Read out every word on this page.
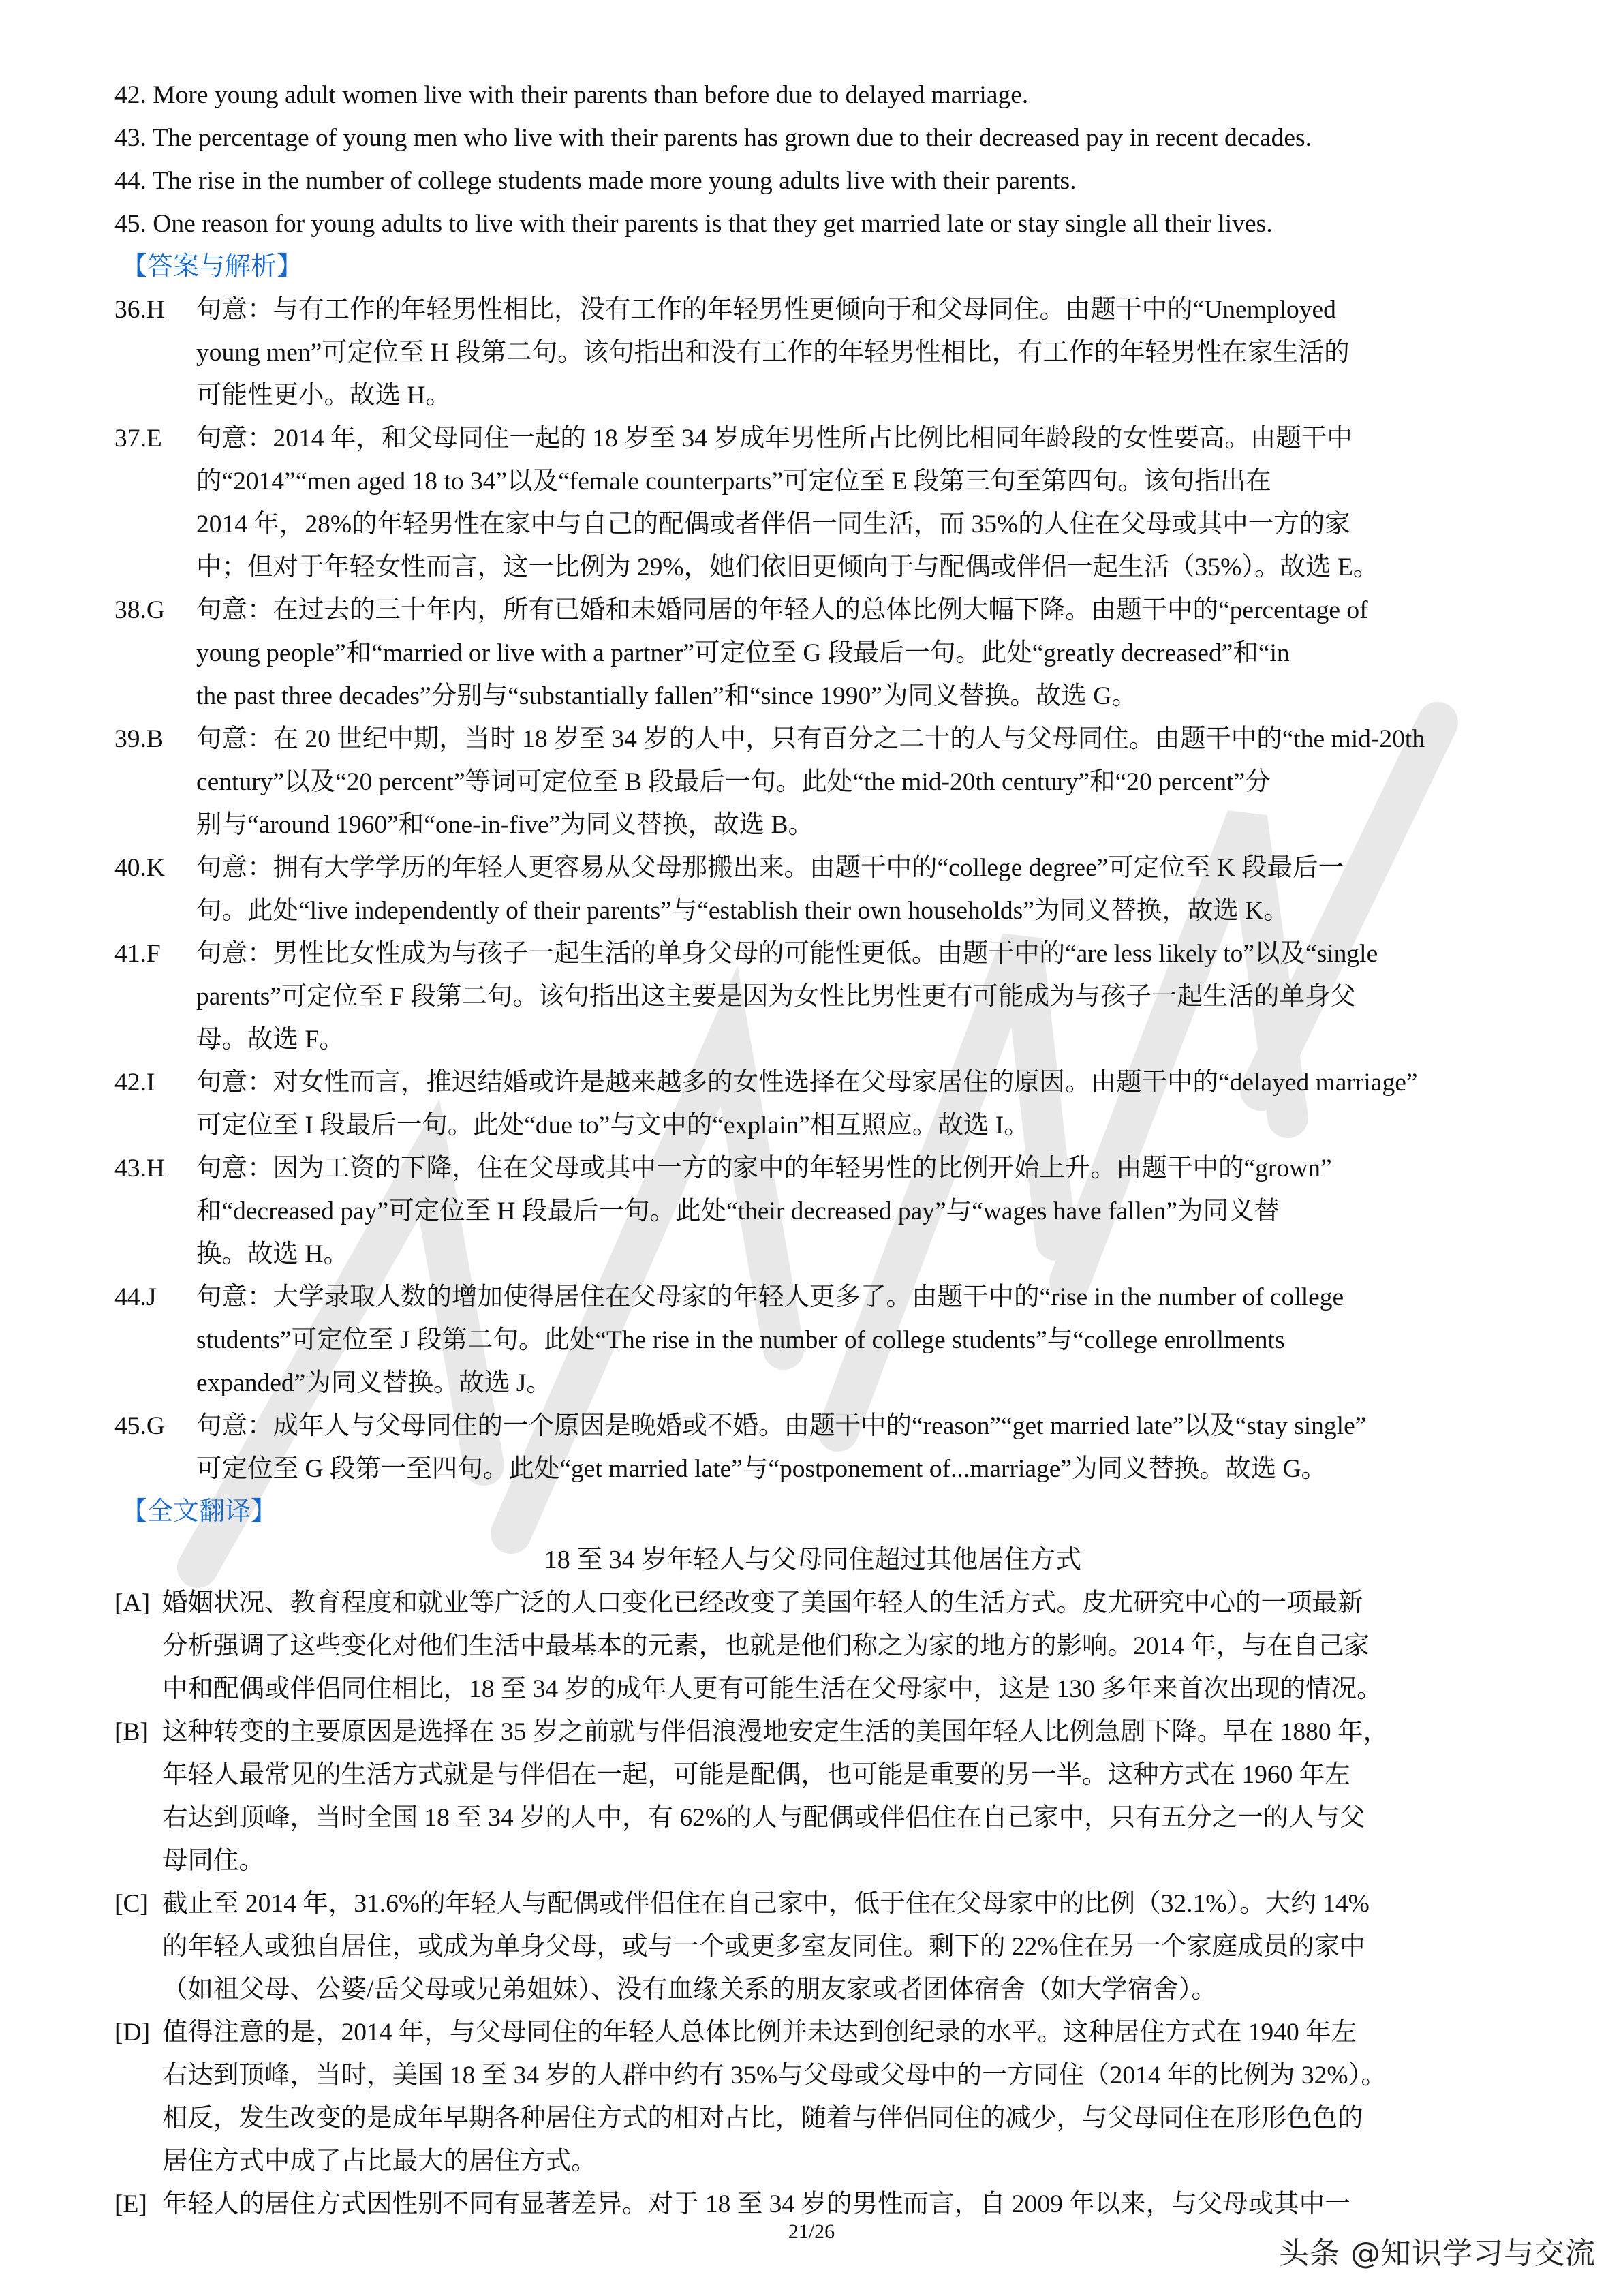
42. More young adult women live with their parents than before due to delayed marriage.
43. The percentage of young men who live with their parents has grown due to their decreased pay in recent decades.
44. The rise in the number of college students made more young adults live with their parents.
45. One reason for young adults to live with their parents is that they get married late or stay single all their lives.
【答案与解析】
36.H	句意：与有工作的年轻男性相比，没有工作的年轻男性更倾向于和父母同住。由题干中的“Unemployed
young men”可定位至 H 段第二句。该句指出和没有工作的年轻男性相比，有工作的年轻男性在家生活的
可能性更小。故选 H。
37.E	句意：2014 年，和父母同住一起的 18 岁至 34 岁成年男性所占比例比相同年龄段的女性要高。由题干中
的“2014”“men aged 18 to 34”以及“female counterparts”可定位至 E 段第三句至第四句。该句指出在
2014 年，28%的年轻男性在家中与自己的配偶或者伴侣一同生活，而 35%的人住在父母或其中一方的家
中；但对于年轻女性而言，这一比例为 29%，她们依旧更倾向于与配偶或伴侣一起生活（35%）。故选 E。
38.G	句意：在过去的三十年内，所有已婚和未婚同居的年轻人的总体比例大幅下降。由题干中的“percentage of
young people”和“married or live with a partner”可定位至 G 段最后一句。此处“greatly decreased”和“in
the past three decades”分别与“substantially fallen”和“since 1990”为同义替换。故选 G。
39.B	句意：在 20 世纪中期，当时 18 岁至 34 岁的人中，只有百分之二十的人与父母同住。由题干中的“the mid-20th
century”以及“20 percent”等词可定位至 B 段最后一句。此处“the mid-20th century”和“20 percent”分
别与“around 1960”和“one-in-five”为同义替换，故选 B。
40.K	句意：拥有大学学历的年轻人更容易从父母那搬出来。由题干中的“college degree”可定位至 K 段最后一
句。此处“live independently of their parents”与“establish their own households”为同义替换，故选 K。
41.F	句意：男性比女性成为与孩子一起生活的单身父母的可能性更低。由题干中的“are less likely to”以及“single
parents”可定位至 F 段第二句。该句指出这主要是因为女性比男性更有可能成为与孩子一起生活的单身父
母。故选 F。
42.I	句意：对女性而言，推迟结婚或许是越来越多的女性选择在父母家居住的原因。由题干中的“delayed marriage”
可定位至 I 段最后一句。此处“due to”与文中的“explain”相互照应。故选 I。
43.H	句意：因为工资的下降，住在父母或其中一方的家中的年轻男性的比例开始上升。由题干中的“grown”
和“decreased pay”可定位至 H 段最后一句。此处“their decreased pay”与“wages have fallen”为同义替
换。故选 H。
44.J	句意：大学录取人数的增加使得居住在父母家的年轻人更多了。由题干中的“rise in the number of college
students”可定位至 J 段第二句。此处“The rise in the number of college students”与“college enrollments
expanded”为同义替换。故选 J。
45.G	句意：成年人与父母同住的一个原因是晚婚或不婚。由题干中的“reason”“get married late”以及“stay single”
可定位至 G 段第一至四句。此处“get married late”与“postponement of...marriage”为同义替换。故选 G。
【全文翻译】
18 至 34 岁年轻人与父母同住超过其他居住方式
[A] 婚姻状况、教育程度和就业等广泛的人口变化已经改变了美国年轻人的生活方式。皮尤研究中心的一项最新
分析强调了这些变化对他们生活中最基本的元素，也就是他们称之为家的地方的影响。2014 年，与在自己家
中和配偶或伴侣同住相比，18 至 34 岁的成年人更有可能生活在父母家中，这是 130 多年来首次出现的情况。
[B] 这种转变的主要原因是选择在 35 岁之前就与伴侣浪漫地安定生活的美国年轻人比例急剧下降。早在 1880 年，
年轻人最常见的生活方式就是与伴侣在一起，可能是配偶，也可能是重要的另一半。这种方式在 1960 年左
右达到顶峰，当时全国 18 至 34 岁的人中，有 62%的人与配偶或伴侣住在自己家中，只有五分之一的人与父
母同住。
[C] 截止至 2014 年，31.6%的年轻人与配偶或伴侣住在自己家中，低于住在父母家中的比例（32.1%）。大约 14%
的年轻人或独自居住，或成为单身父母，或与一个或更多室友同住。剩下的 22%住在另一个家庭成员的家中
（如祖父母、公婆/岳父母或兄弟姐妹）、没有血缘关系的朋友家或者团体宿舍（如大学宿舍）。
[D] 值得注意的是，2014 年，与父母同住的年轻人总体比例并未达到创纪录的水平。这种居住方式在 1940 年左
右达到顶峰，当时，美国 18 至 34 岁的人群中约有 35%与父母或父母中的一方同住（2014 年的比例为 32%）。
相反，发生改变的是成年早期各种居住方式的相对占比，随着与伴侣同住的减少，与父母同住在形形色色的
居住方式中成了占比最大的居住方式。
[E] 年轻人的居住方式因性别不同有显著差异。对于 18 至 34 岁的男性而言，自 2009 年以来，与父母或其中一
21/26
头条 @知识学习与交流
